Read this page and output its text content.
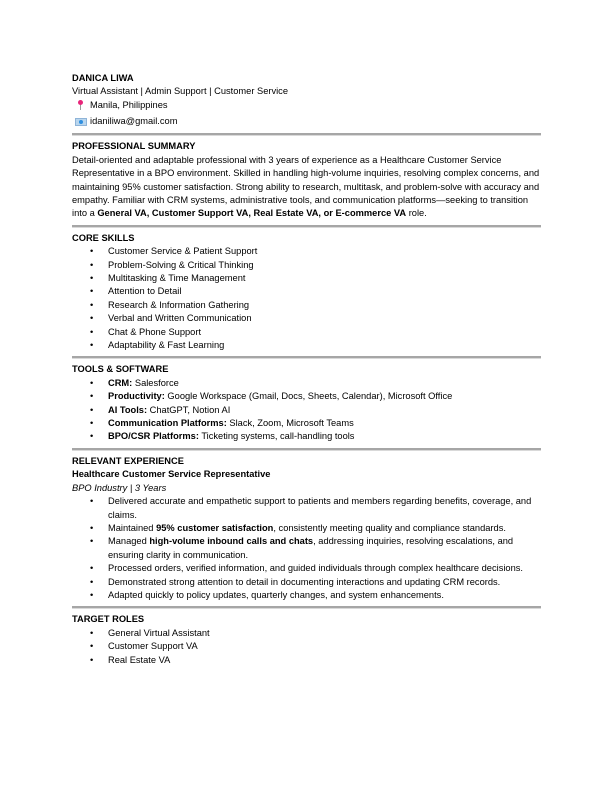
DANICA LIWA
Virtual Assistant | Admin Support | Customer Service
Manila, Philippines
idaniliwa@gmail.com
PROFESSIONAL SUMMARY
Detail-oriented and adaptable professional with 3 years of experience as a Healthcare Customer Service Representative in a BPO environment. Skilled in handling high-volume inquiries, resolving complex concerns, and maintaining 95% customer satisfaction. Strong ability to research, multitask, and problem-solve with accuracy and empathy. Familiar with CRM systems, administrative tools, and communication platforms—seeking to transition into a General VA, Customer Support VA, Real Estate VA, or E-commerce VA role.
CORE SKILLS
• Customer Service & Patient Support
• Problem-Solving & Critical Thinking
• Multitasking & Time Management
• Attention to Detail
• Research & Information Gathering
• Verbal and Written Communication
• Chat & Phone Support
• Adaptability & Fast Learning
TOOLS & SOFTWARE
• CRM: Salesforce
• Productivity: Google Workspace (Gmail, Docs, Sheets, Calendar), Microsoft Office
• AI Tools: ChatGPT, Notion AI
• Communication Platforms: Slack, Zoom, Microsoft Teams
• BPO/CSR Platforms: Ticketing systems, call-handling tools
RELEVANT EXPERIENCE
Healthcare Customer Service Representative
BPO Industry | 3 Years
• Delivered accurate and empathetic support to patients and members regarding benefits, coverage, and claims.
• Maintained 95% customer satisfaction, consistently meeting quality and compliance standards.
• Managed high-volume inbound calls and chats, addressing inquiries, resolving escalations, and ensuring clarity in communication.
• Processed orders, verified information, and guided individuals through complex healthcare decisions.
• Demonstrated strong attention to detail in documenting interactions and updating CRM records.
• Adapted quickly to policy updates, quarterly changes, and system enhancements.
TARGET ROLES
• General Virtual Assistant
• Customer Support VA
• Real Estate VA
